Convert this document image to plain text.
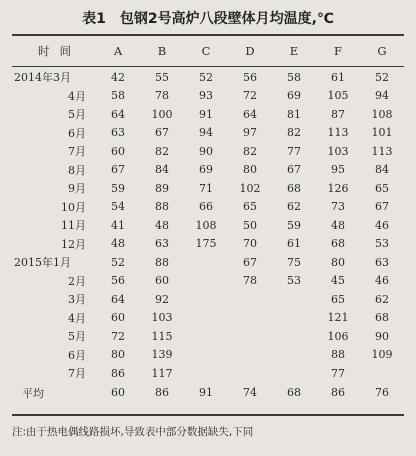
表1 包钢2号高炉八段壁体月均温度,℃
时间	A	B	C	D	E	F	G

2014年3月	42	55	52	56	58	61	52
4月	58	78	93	72	69	105	94
5月	64	100	91	64	81	87	108
6月	63	67	94	97	82	113	101
7月	60	82	90	82	77	103	113
8月	67	84	69	80	67	95	84
9月	59	89	71	102	68	126	65
10月	54	88	66	65	62	73	67
11月	41	48	108	50	59	48	46
12月	48	63	175	70	61	68	53
2015年1月	52	88		67	75	80	63
2月	56	60		78	53	45	46
3月	64	92				65	62
4月	60	103				121	68
5月	72	115				106	90
6月	80	139				88	109
7月	86	117				77	
平均	60	86	91	74	68	86	76
注:由于热电偶线路损坏,导致表中部分数据缺失,下同
